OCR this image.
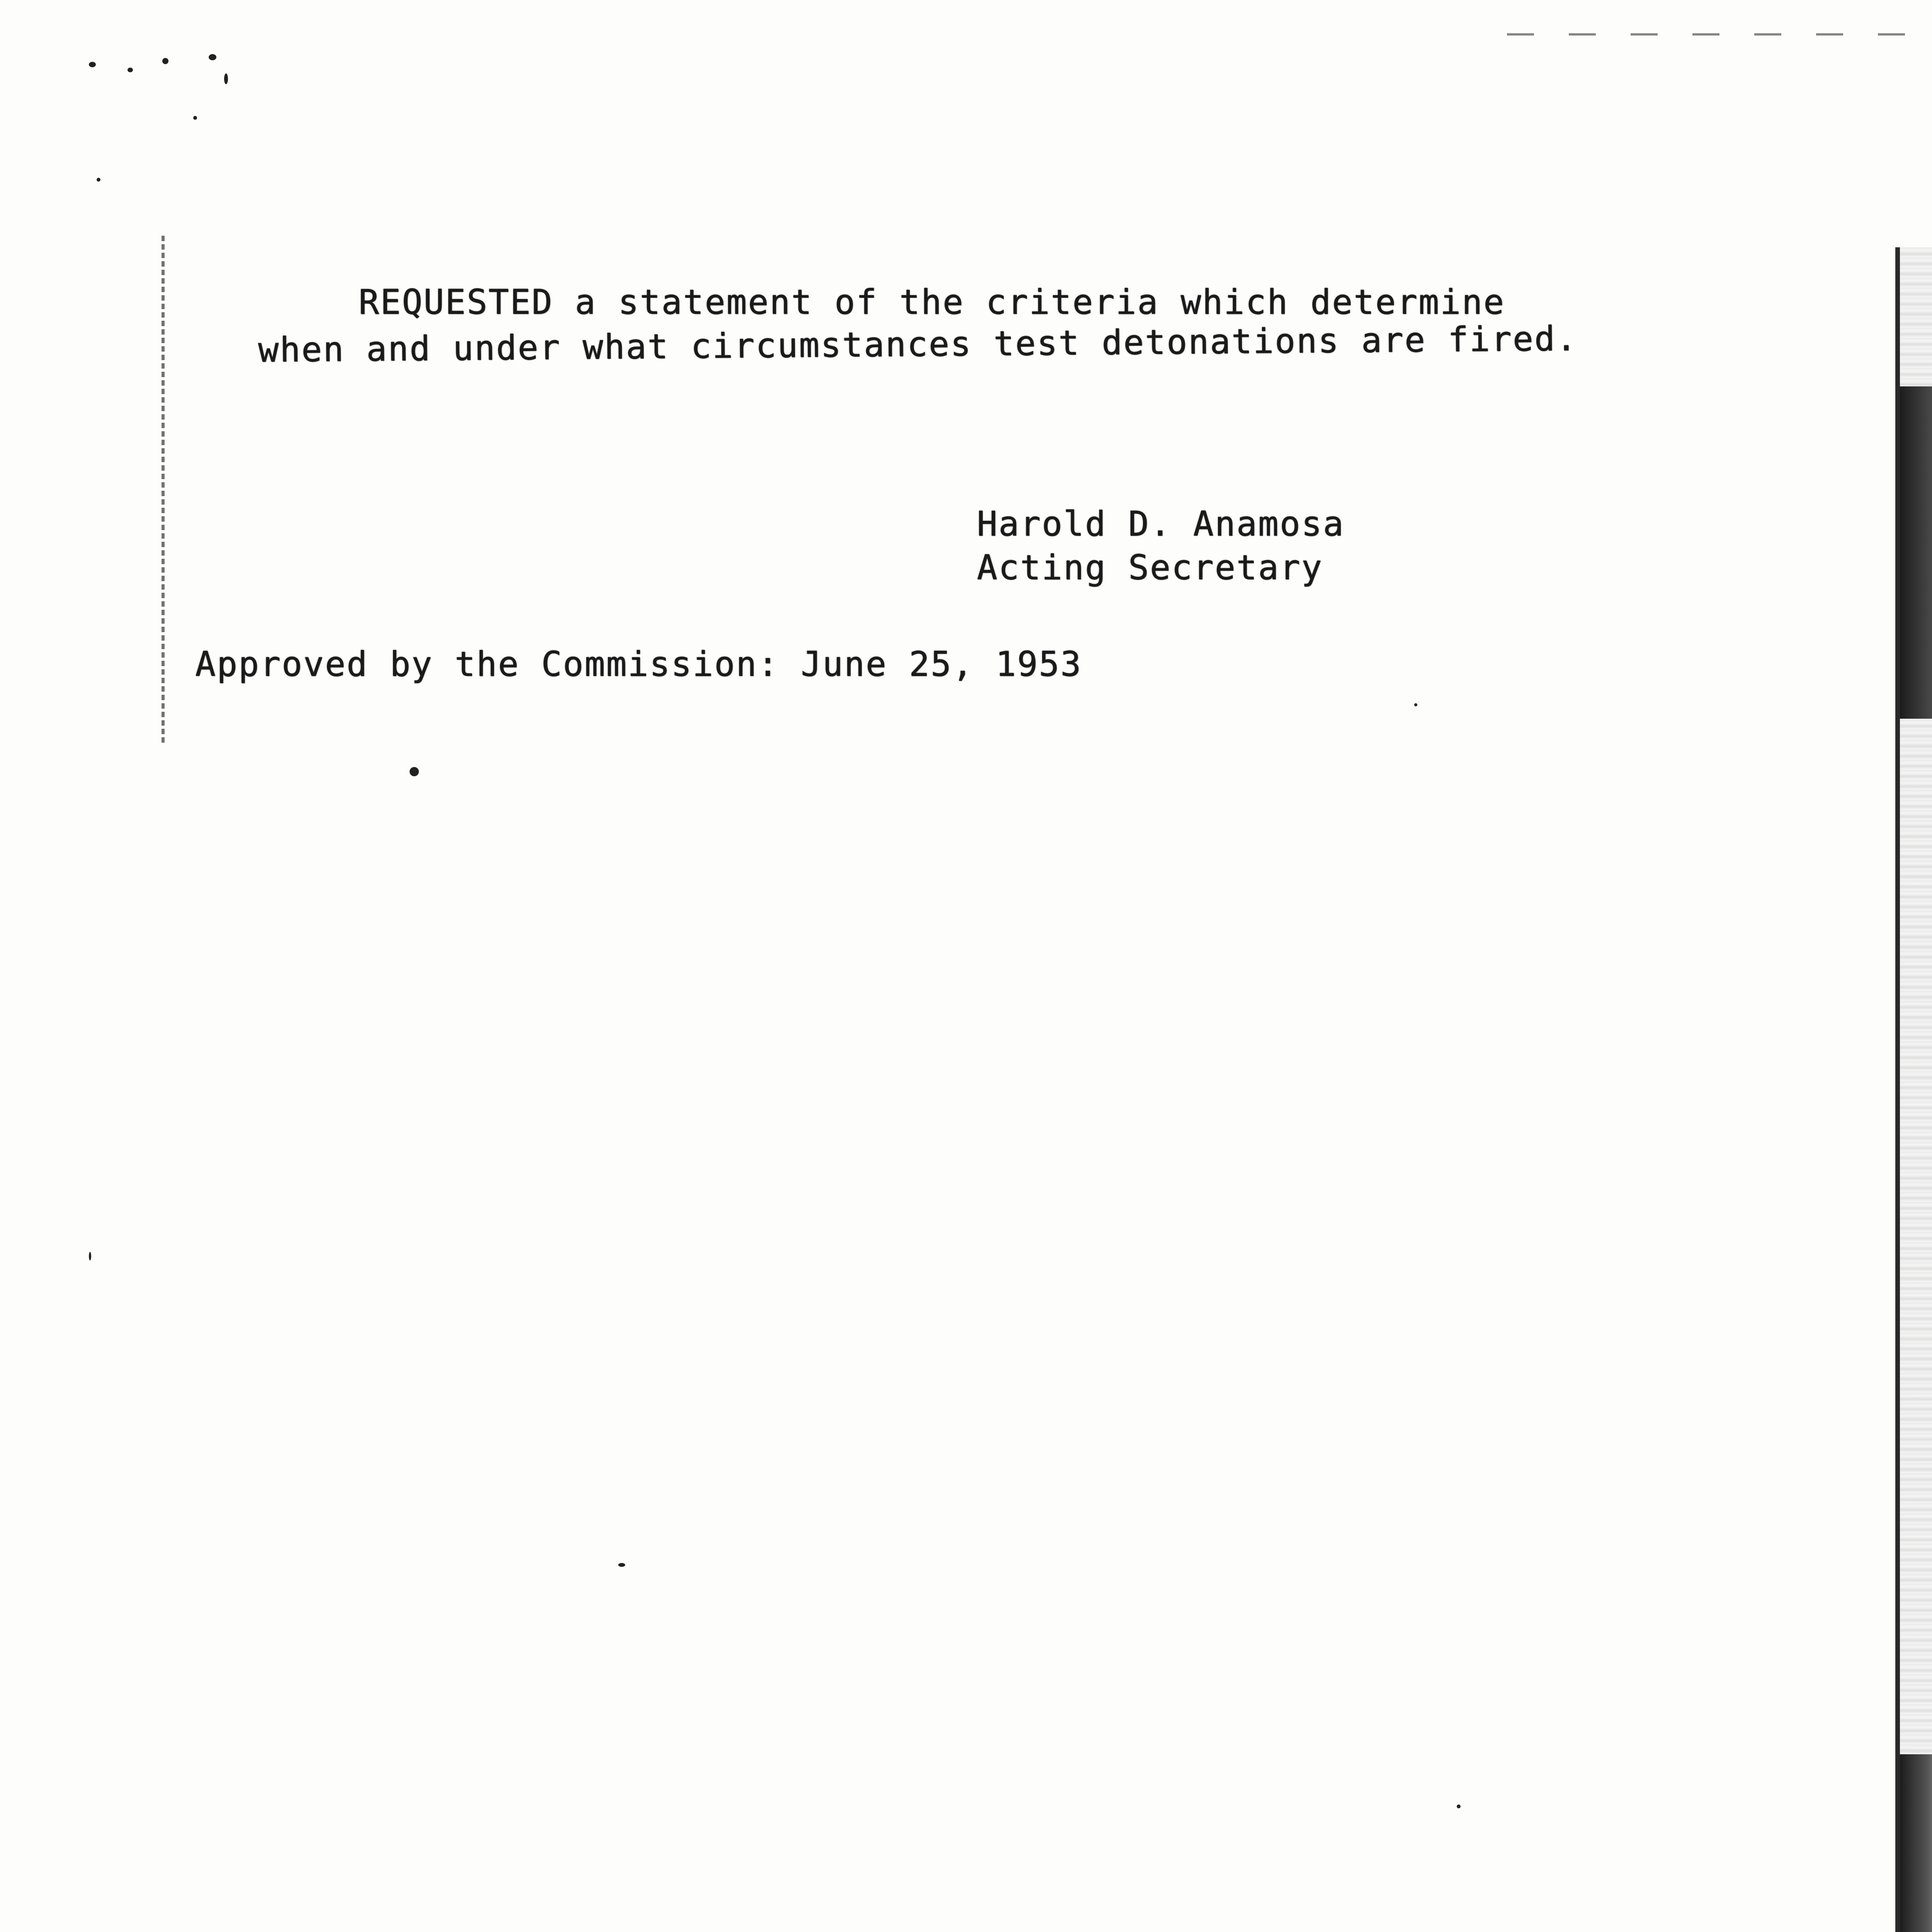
REQUESTED a statement of the criteria which determine
when and under what circumstances test detonations are fired.
Harold D. Anamosa
Acting Secretary
Approved by the Commission: June 25, 1953
